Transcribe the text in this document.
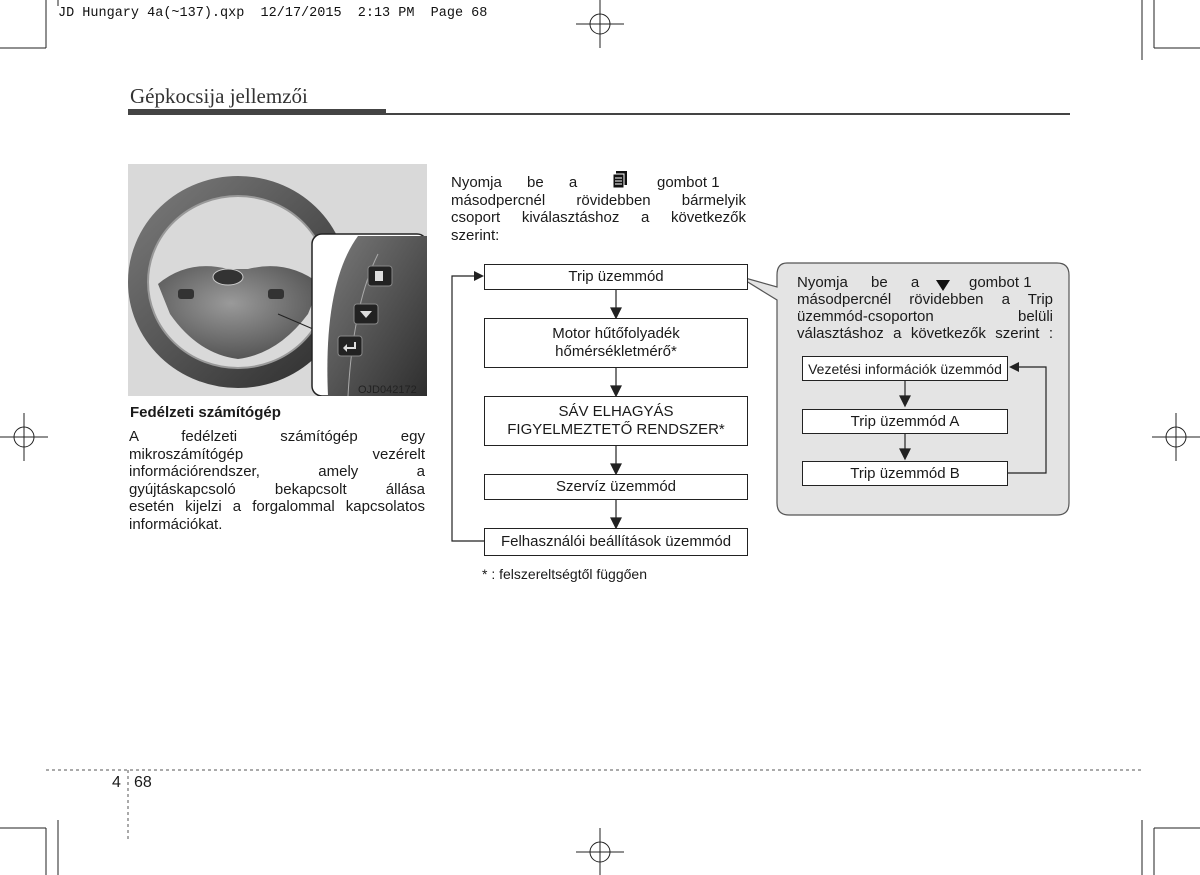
JD Hungary 4a(~137).qxp  12/17/2015  2:13 PM  Page 68
Gépkocsija jellemzői
OJD042172
Fedélzeti számítógép
A fedélzeti számítógép egy
mikroszámítógép vezérelt
információrendszer, amely a
gyújtáskapcsoló bekapcsolt állása
esetén kijelzi a forgalommal kapcsolatos
információkat.
Nyomja be a	gombot 1
másodpercnél rövidebben bármelyik
csoport kiválasztáshoz a következők
szerint:
Trip üzemmód
Motor hűtőfolyadék
hőmérsékletmérő*
SÁV ELHAGYÁS
FIGYELMEZTETŐ RENDSZER*
Szervíz üzemmód
Felhasználói beállítások üzemmód
Nyomja be a	gombot 1
másodpercnél rövidebben a Trip
üzemmód-csoporton belüli
választáshoz a következők szerint :
Vezetési információk üzemmód
Trip üzemmód A
Trip üzemmód B
* : felszereltségtől függően
4 68
